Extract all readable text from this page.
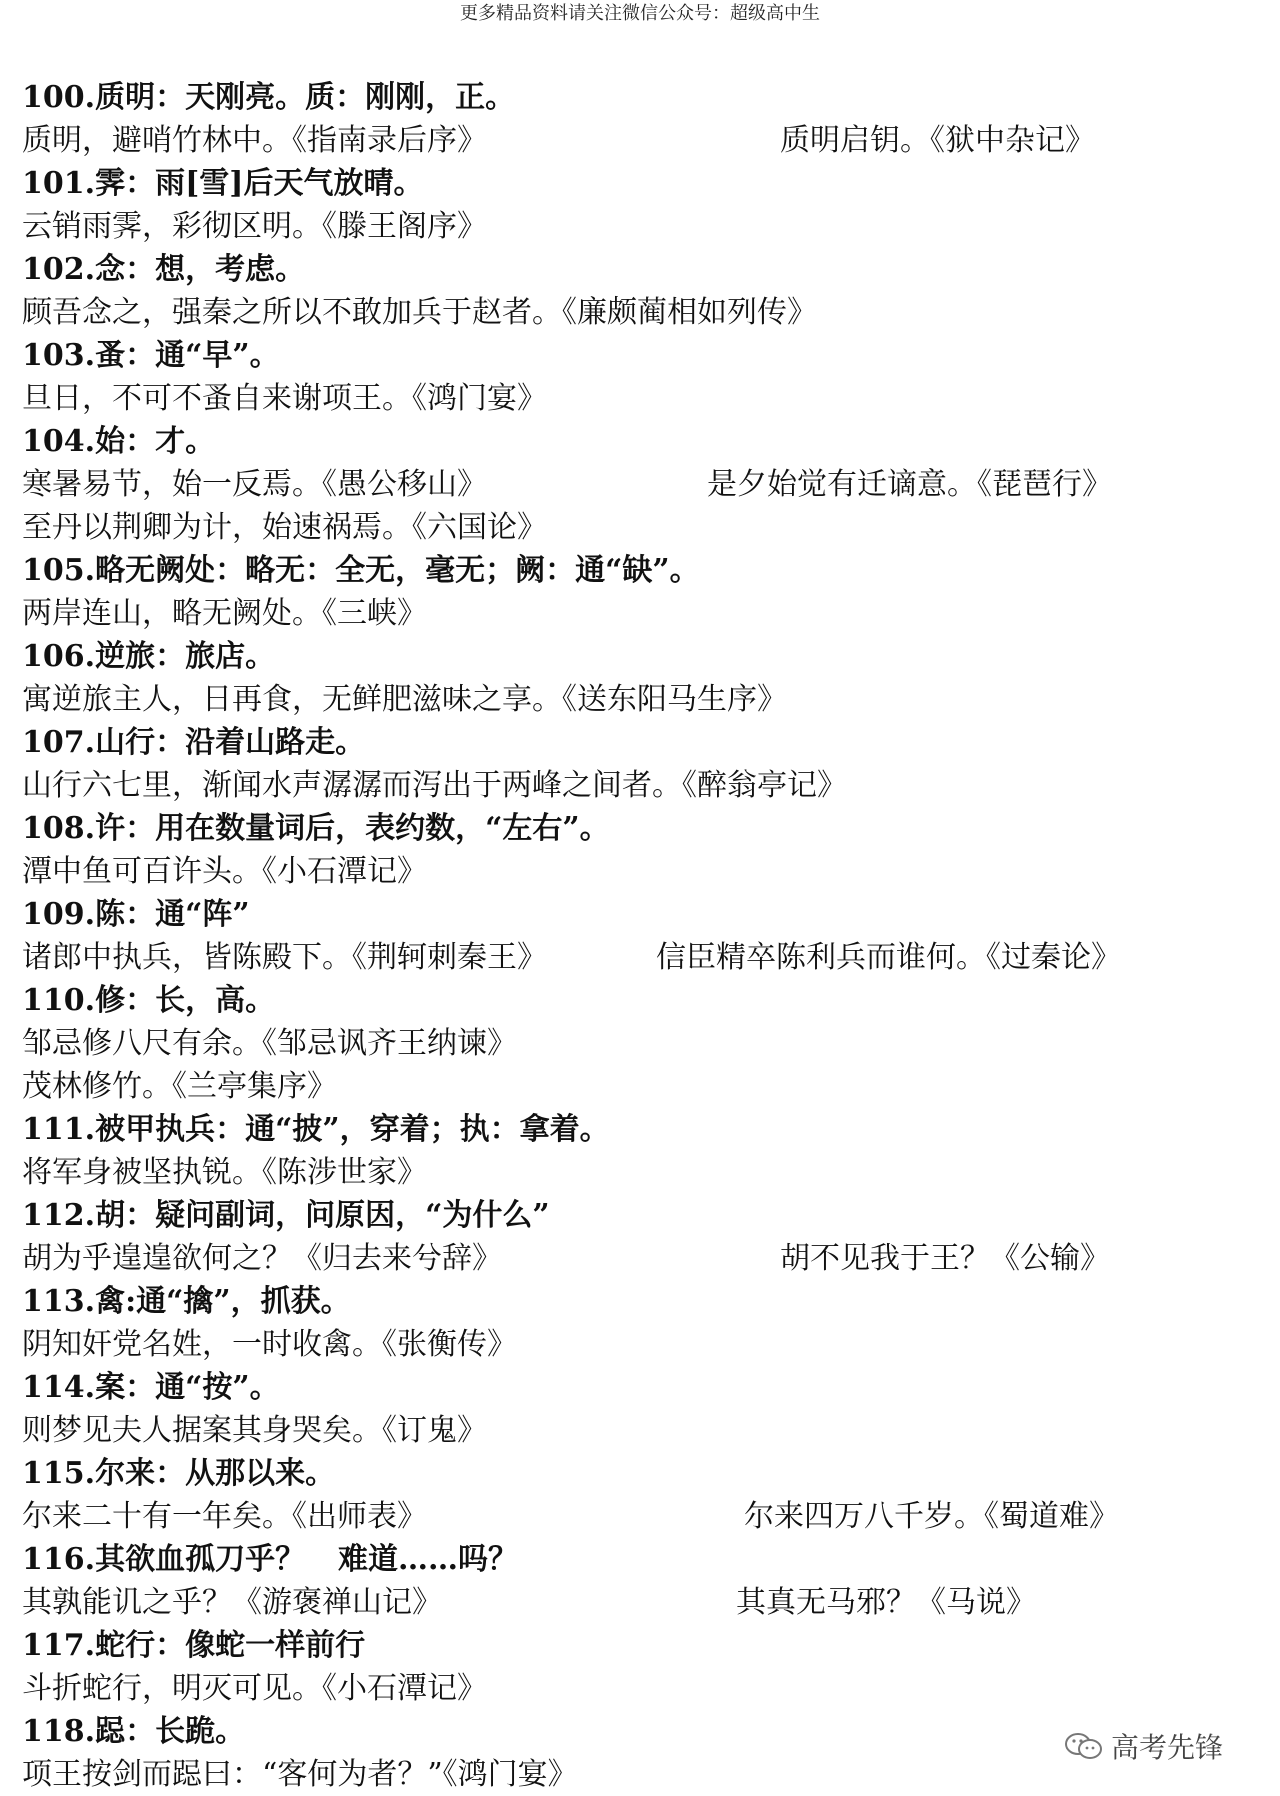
更多精品资料请关注微信公众号：超级高中生
100.质明：天刚亮。质：刚刚，正。
质明，避哨竹林中。《指南录后序》	质明启钥。《狱中杂记》
101.霁：雨[雪]后天气放晴。
云销雨霁，彩彻区明。《滕王阁序》
102.念：想，考虑。
顾吾念之，强秦之所以不敢加兵于赵者。《廉颇蔺相如列传》
103.蚤：通“早”。
旦日，不可不蚤自来谢项王。《鸿门宴》
104.始：才。
寒暑易节，始一反焉。《愚公移山》	是夕始觉有迁谪意。《琵琶行》
至丹以荆卿为计，始速祸焉。《六国论》
105.略无阙处：略无：全无，毫无；阙：通“缺”。
两岸连山，略无阙处。《三峡》
106.逆旅：旅店。
寓逆旅主人，日再食，无鲜肥滋味之享。《送东阳马生序》
107.山行：沿着山路走。
山行六七里，渐闻水声潺潺而泻出于两峰之间者。《醉翁亭记》
108.许：用在数量词后，表约数，“左右”。
潭中鱼可百许头。《小石潭记》
109.陈：通“阵”
诸郎中执兵，皆陈殿下。《荆轲刺秦王》	信臣精卒陈利兵而谁何。《过秦论》
110.修：长，高。
邹忌修八尺有余。《邹忌讽齐王纳谏》
茂林修竹。《兰亭集序》
111.被甲执兵：通“披”，穿着；执：拿着。
将军身被坚执锐。《陈涉世家》
112.胡：疑问副词，问原因，“为什么”
胡为乎遑遑欲何之？《归去来兮辞》	胡不见我于王？《公输》
113.禽:通“擒”，抓获。
阴知奸党名姓，一时收禽。《张衡传》
114.案：通“按”。
则梦见夫人据案其身哭矣。《订鬼》
115.尔来：从那以来。
尔来二十有一年矣。《出师表》	尔来四万八千岁。《蜀道难》
116.其欲血孤刀乎？ 难道……吗？
其孰能讥之乎？《游褒禅山记》	其真无马邪？《马说》
117.蛇行：像蛇一样前行
斗折蛇行，明灭可见。《小石潭记》
118.跽：长跪。
项王按剑而跽曰：“客何为者？”《鸿门宴》
高考先锋
